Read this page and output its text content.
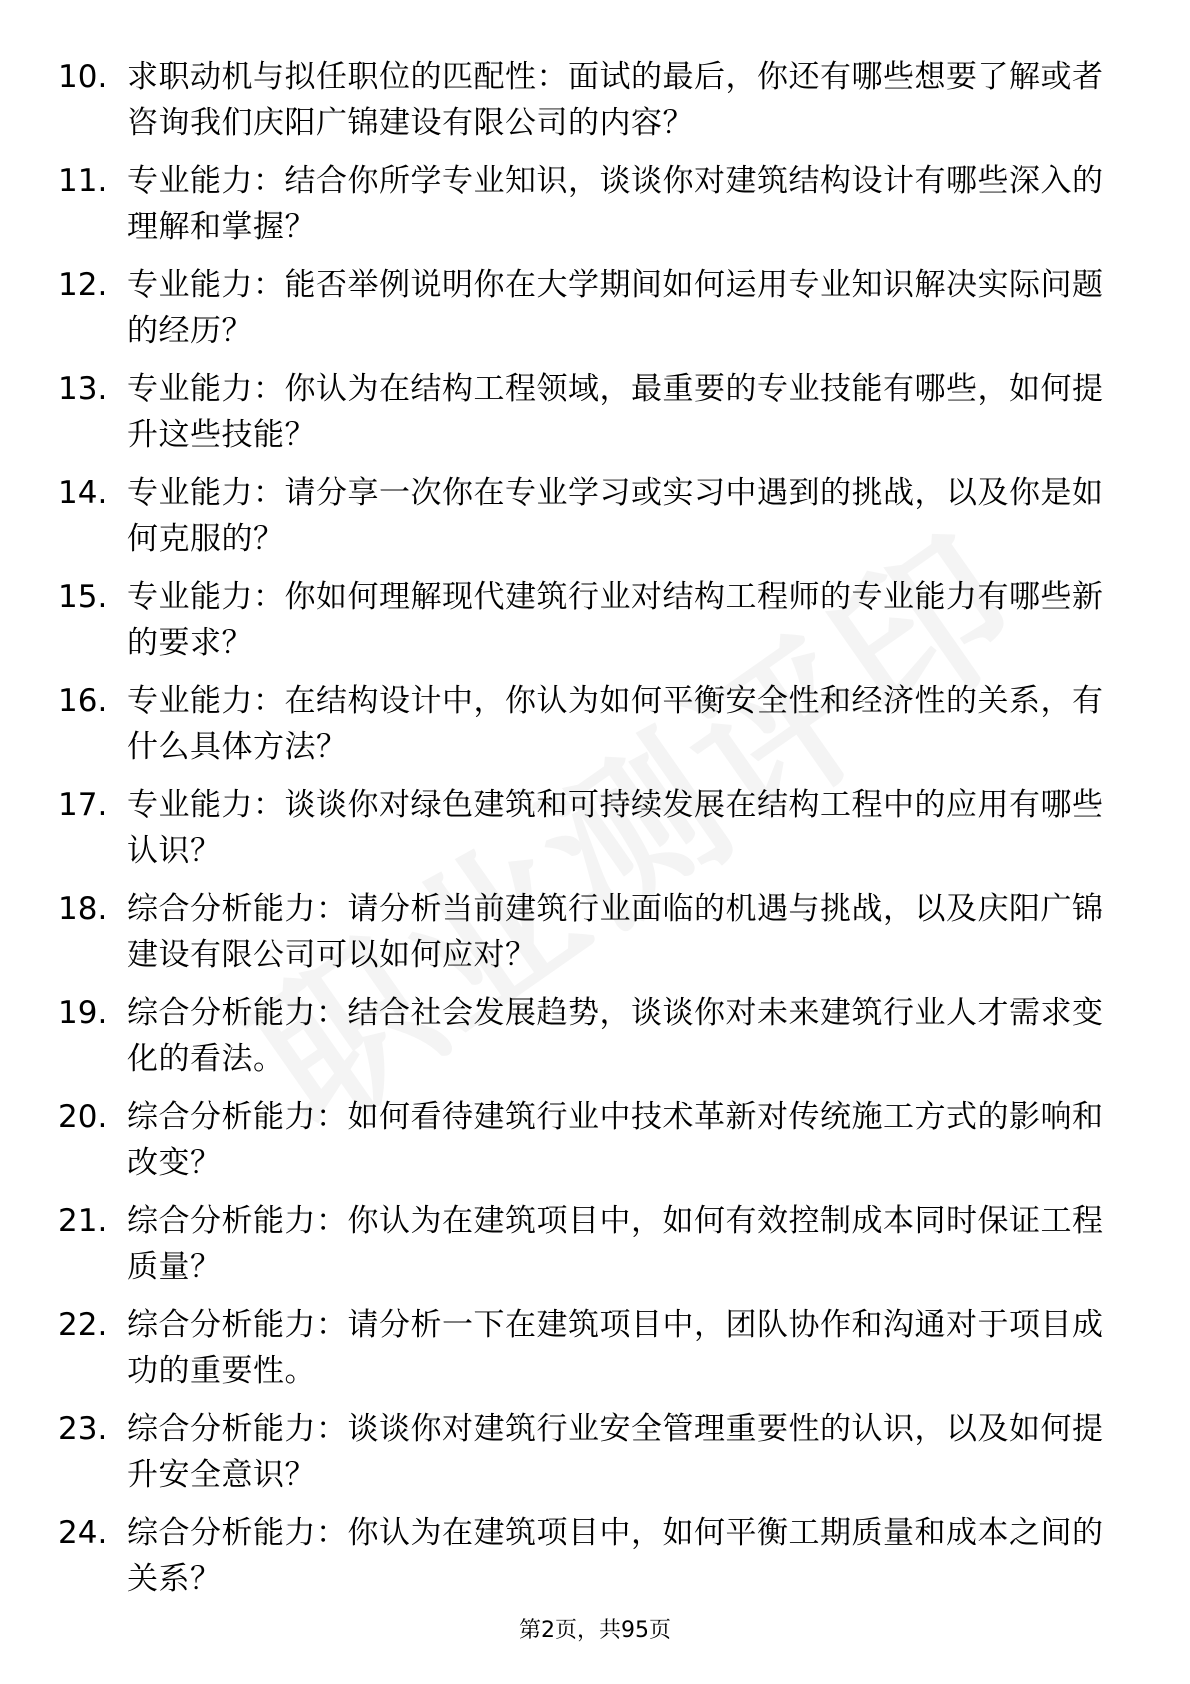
10. 求职动机与拟任职位的匹配性：面试的最后，你还有哪些想要了解或者咨询我们庆阳广锦建设有限公司的内容？
11. 专业能力：结合你所学专业知识，谈谈你对建筑结构设计有哪些深入的理解和掌握？
12. 专业能力：能否举例说明你在大学期间如何运用专业知识解决实际问题的经历？
13. 专业能力：你认为在结构工程领域，最重要的专业技能有哪些，如何提升这些技能？
14. 专业能力：请分享一次你在专业学习或实习中遇到的挑战，以及你是如何克服的？
15. 专业能力：你如何理解现代建筑行业对结构工程师的专业能力有哪些新的要求？
16. 专业能力：在结构设计中，你认为如何平衡安全性和经济性的关系，有什么具体方法？
17. 专业能力：谈谈你对绿色建筑和可持续发展在结构工程中的应用有哪些认识？
18. 综合分析能力：请分析当前建筑行业面临的机遇与挑战，以及庆阳广锦建设有限公司可以如何应对？
19. 综合分析能力：结合社会发展趋势，谈谈你对未来建筑行业人才需求变化的看法。
20. 综合分析能力：如何看待建筑行业中技术革新对传统施工方式的影响和改变？
21. 综合分析能力：你认为在建筑项目中，如何有效控制成本同时保证工程质量？
22. 综合分析能力：请分析一下在建筑项目中，团队协作和沟通对于项目成功的重要性。
23. 综合分析能力：谈谈你对建筑行业安全管理重要性的认识，以及如何提升安全意识？
24. 综合分析能力：你认为在建筑项目中，如何平衡工期质量和成本之间的关系？
第2页，共95页
